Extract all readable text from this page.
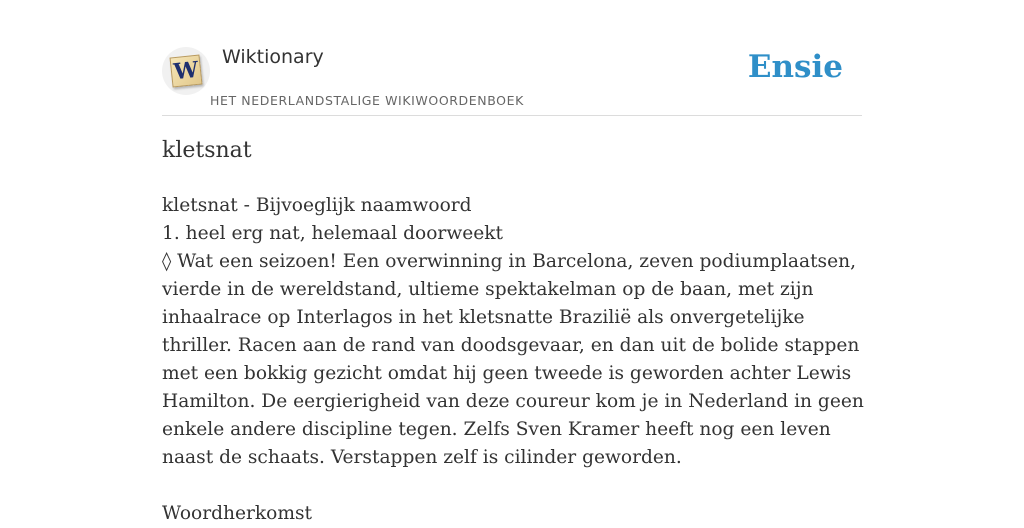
W Wiktionary
HET NEDERLANDSTALIGE WIKIWOORDENBOEK
Ensie
kletsnat

kletsnat - Bijvoeglijk naamwoord

1. heel erg nat, helemaal doorweekt

◊ Wat een seizoen! Een overwinning in Barcelona, zeven podiumplaatsen, vierde in de wereldstand, ultieme spektakelman op de baan, met zijn inhaalrace op Interlagos in het kletsnatte Brazilië als onvergetelijke thriller. Racen aan de rand van doodsgevaar, en dan uit de bolide stappen met een bokkig gezicht omdat hij geen tweede is geworden achter Lewis Hamilton. De eergierigheid van deze coureur kom je in Nederland in geen enkele andere discipline tegen. Zelfs Sven Kramer heeft nog een leven naast de schaats. Verstappen zelf is cilinder geworden.

Woordherkomst
